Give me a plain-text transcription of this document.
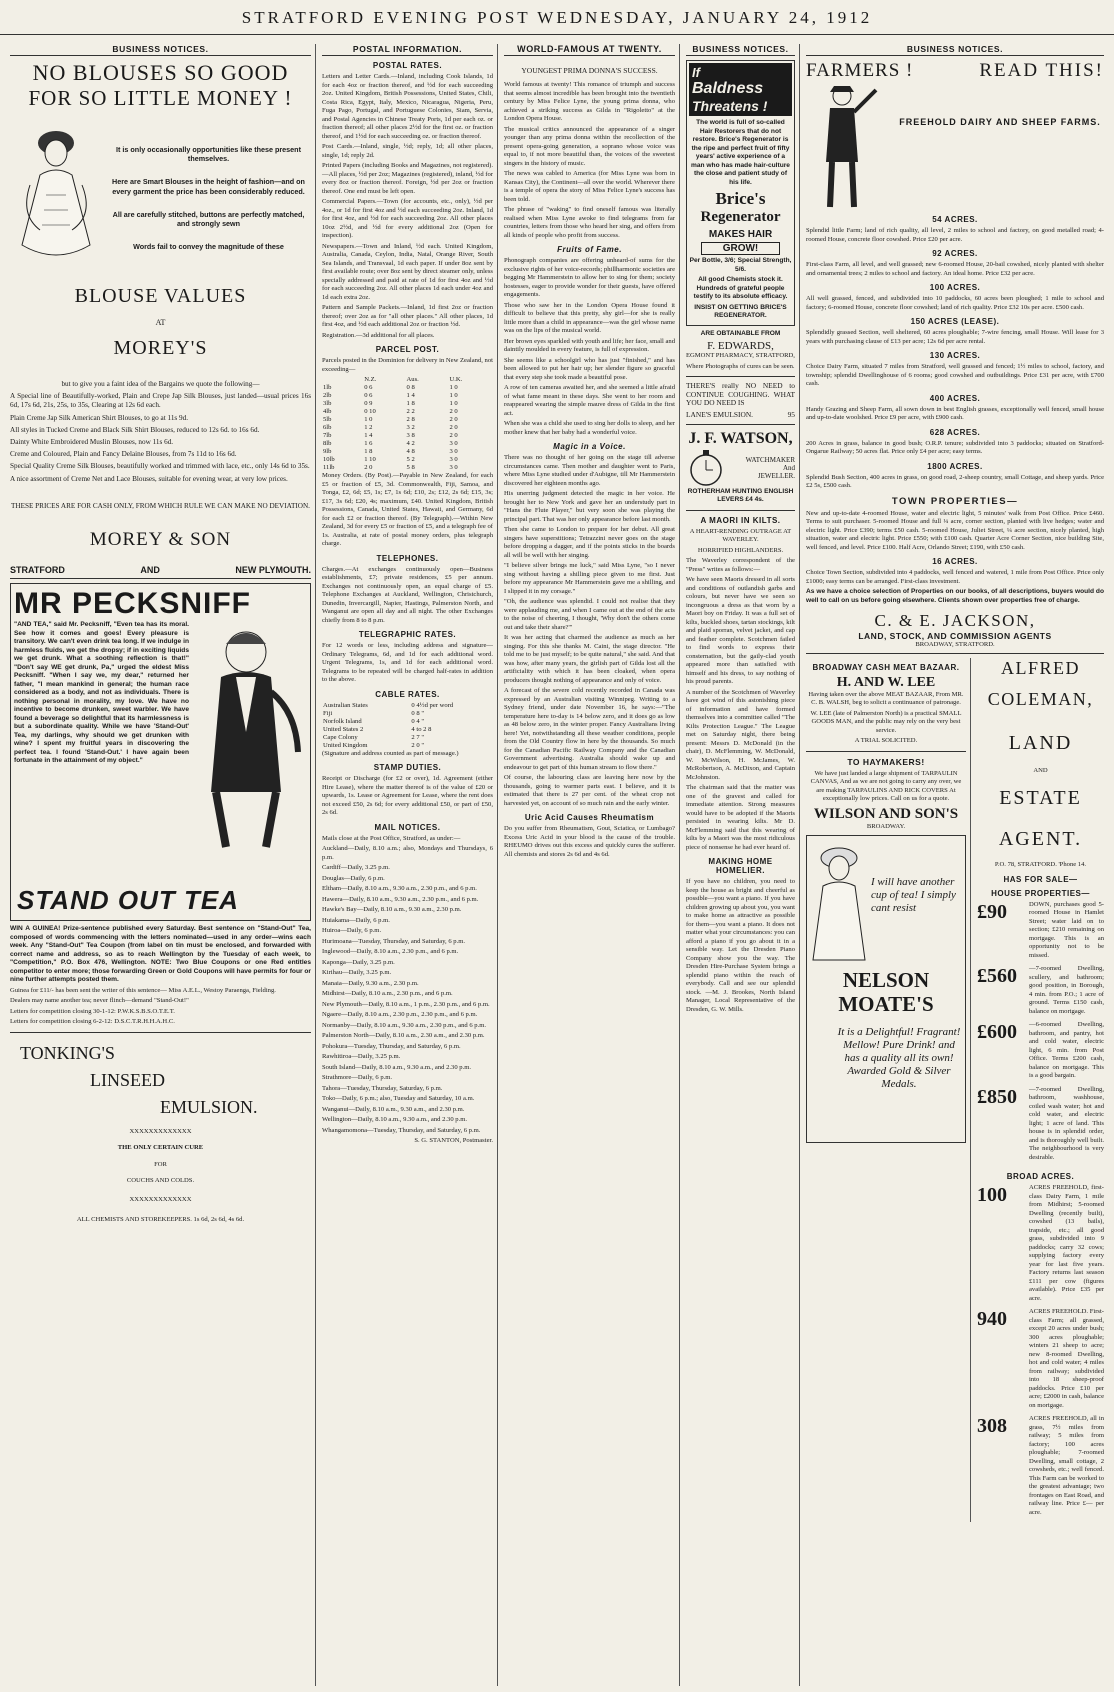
STRATFORD EVENING POST WEDNESDAY, JANUARY 24, 1912
BUSINESS NOTICES.
NO BLOUSES SO GOOD
FOR SO LITTLE MONEY !

It is only occasionally opportunities like these present themselves.

Here are Smart Blouses in the height of fashion—and on every garment the price has been considerably reduced.

All are carefully stitched, buttons are perfectly matched, and strongly sewn

Words fail to convey the magnitude of these

BLOUSE VALUES
AT
MOREY'S

but to give you a faint idea of the Bargains we quote the following—

A Special line of Beautifully-worked, Plain and Crepe Jap Silk Blouses, just landed—usual prices 16s 6d, 17s 6d, 21s, 25s, to 35s, Clearing at 12s 6d each.

Plain Creme Jap Silk American Shirt Blouses, to go at 11s 9d.

All styles in Tucked Creme and Black Silk Shirt Blouses, reduced to 12s 6d. to 16s 6d.

Dainty White Embroidered Muslin Blouses, now 11s 6d.

Creme and Coloured, Plain and Fancy Delaine Blouses, from 7s 11d to 16s 6d.

Special Quality Creme Silk Blouses, beautifully worked and trimmed with lace, etc., only 14s 6d to 35s.

A nice assortment of Creme Net and Lace Blouses, suitable for evening wear, at very low prices.

THESE PRICES ARE FOR CASH ONLY, FROM WHICH RULE WE CAN MAKE NO DEVIATION.

MOREY & SON
STRATFORD	AND	NEW PLYMOUTH.
MR PECKSNIFF

"AND TEA," said Mr. Pecksniff, "Even tea has its moral. See how it comes and goes! Every pleasure is transitory. We can't even drink tea long. If we indulge in harmless fluids, we get the dropsy; if in exciting liquids we get drunk. What a soothing reflection is that!" "Don't say WE get drunk, Pa," urged the eldest Miss Pecksniff. "When I say we, my dear," returned her father, "I mean mankind in general; the human race considered as a body, and not as individuals. There is nothing personal in morality, my love. We have no incentive to become drunken, sweet warbler. We have found a beverage so delightful that its harmlessness is but a subordinate quality. While we have 'Stand-Out' Tea, my darlings, why should we get drunken with wine? I spent my fruitful years in discovering the perfect tea. I found 'Stand-Out.' I have again been fortunate in the attainment of my object."

STAND OUT TEA

WIN A GUINEA! Prize-sentence published every Saturday. Best sentence on "Stand-Out" Tea, composed of words commencing with the letters nominated—used in any order—wins each week. Any "Stand-Out" Tea Coupon (from label on tin must be enclosed, and forwarded with correct name and address, so as to reach Wellington by the Tuesday of each week, to "Competition," P.O. Box 476, Wellington. NOTE: Two Blue Coupons or one Red entitles competitor to enter more; those forwarding Green or Gold Coupons will have permits for four or nine further attempts posted them.

Guinea for £11/- has been sent the writer of this sentence— Miss A.E.L., Westoy Paraenga, Fielding.

Dealers may name another tea; never flinch—demand "Stand-Out!"

Letters for competition closing 30-1-12: P.W.K.S.B.S.O.T.E.T.

Letters for competition closing 6-2-12: D.S.C.T.R.H.H.A.H.C.

TONKING'S
LINSEED
EMULSION.
XXXXXXXXXXXXX
THE ONLY CERTAIN CURE
FOR
COUCHS AND COLDS.
XXXXXXXXXXXXX
ALL CHEMISTS AND STOREKEEPERS. 1s 6d, 2s 6d, 4s 6d.
POSTAL INFORMATION.
POSTAL RATES.

Letters and Letter Cards.—Inland, including Cook Islands, 1d for each 4oz or fraction thereof, and ½d for each succeeding 2oz. United Kingdom, British Possessions, United States, Chili, Costa Rica, Egypt, Italy, Mexico, Nicaragua, Nigeria, Peru, Fuga Pago, Portugal, and Portuguese Colonies, Siam, Servia, and Postal Agencies in Chinese Treaty Ports, 1d per each oz. or fraction thereof; all other places 2½d for the first oz. or fraction thereof, and 1½d for each succeeding oz. or fraction thereof.

Post Cards.—Inland, single, ½d; reply, 1d; all other places, single, 1d; reply 2d.

Printed Papers (including Books and Magazines, not registered).—All places, ½d per 2oz; Magazines (registered), inland, ½d for every 8oz or fraction thereof. Foreign, ½d per 2oz or fraction thereof. One end must be left open.

Commercial Papers.—Town (for accounts, etc., only), ½d per 4oz., or 1d for first 4oz and ½d each succeeding 2oz. Inland, 1d for first 4oz, and ½d for each succeeding 2oz. All other places 10oz 2½d, and ½d for every additional 2oz (Open for inspection).

Newspapers.—Town and Inland, ½d each. United Kingdom, Australia, Canada, Ceylon, India, Natal, Orange River, South Sea Islands, and Transvaal, 1d each paper. If under 8oz sent by first available route; over 8oz sent by direct steamer only, unless specially addressed and paid at rate of 1d for first 4oz and ½d for each succeeding 2oz. All other places 1d each under 4oz and 1d each extra 2oz.

Pattern and Sample Packets.—Inland, 1d first 2oz or fraction thereof; over 2oz as for "all other places." All other places, 1d first 4oz, and ½d each additional 2oz or fraction ½d.

Registration.—3d additional for all places.

PARCEL POST.

Parcels posted in the Dominion for delivery in New Zealand, not exceeding—

	N.Z.	Aus.	U.K.
1lb	0 6	0 8	1 0
2lb	0 6	1 4	1 0
3lb	0 9	1 8	1 0
4lb	0 10	2 2	2 0
5lb	1 0	2 8	2 0
6lb	1 2	3 2	2 0
7lb	1 4	3 8	2 0
8lb	1 6	4 2	3 0
9lb	1 8	4 8	3 0
10lb	1 10	5 2	3 0
11lb	2 0	5 8	3 0

Money Orders. (By Post).—Payable in New Zealand, for each £5 or fraction of £5, 3d. Commonwealth, Fiji, Samoa, and Tonga, £2, 6d; £5, 1s; £7, 1s 6d; £10, 2s; £12, 2s 6d; £15, 3s; £17, 3s 6d; £20, 4s; maximum, £40. United Kingdom, British Possessions, Canada, United States, Hawaii, and Germany, 6d for each £2 or fraction thereof. (By Telegraph).—Within New Zealand, 3d for every £5 or fraction of £5, and a telegraph fee of 1s. Australia, at rate of postal money orders, plus telegraph charge.

TELEPHONES.

Charges.—At exchanges continuously open—Business establishments, £7; private residences, £5 per annum. Exchanges not continuously open, an equal charge of £5. Telephone Exchanges at Auckland, Wellington, Christchurch, Dunedin, Invercargill, Napier, Hastings, Palmerston North, and Wanganui are open all day and all night. The other Exchanges chiefly from 8 to 8 p.m.

TELEGRAPHIC RATES.

For 12 words or less, including address and signature— Ordinary Telegrams, 6d, and 1d for each additional word. Urgent Telegrams, 1s, and 1d for each additional word. Telegrams to be repeated will be charged half-rates in addition to the above.

CABLE RATES.
Australian States	0 4½d per word
Fiji	0 8 "
Norfolk Island	0 4 "
United States 2	4 to 2 8
Cape Colony	2 7 "
United Kingdom	2 0 "

(Signature and address counted as part of message.)

STAMP DUTIES.

Receipt or Discharge (for £2 or over), 1d. Agreement (either Hire Lease), where the matter thereof is of the value of £20 or upwards, 1s. Lease or Agreement for Lease, where the rent does not exceed £50, 2s 6d; for every additional £50, or part of £50, 2s 6d.

MAIL NOTICES.

Mails close at the Post Office, Stratford, as under:—

Auckland—Daily, 8.10 a.m.; also, Mondays and Thursdays, 6 p.m.

Cardiff—Daily, 3.25 p.m.

Douglas—Daily, 6 p.m.

Eltham—Daily, 8.10 a.m., 9.30 a.m., 2.30 p.m., and 6 p.m.

Hawera—Daily, 8.10 a.m., 9.30 a.m., 2.30 p.m., and 6 p.m.

Hawke's Bay—Daily, 8.10 a.m., 9.30 a.m., 2.30 p.m.

Huiakama—Daily, 6 p.m.

Huiroa—Daily, 6 p.m.

Hurimoana—Tuesday, Thursday, and Saturday, 6 p.m.

Inglewood—Daily, 8.10 a.m., 2.30 p.m., and 6 p.m.

Kaponga—Daily, 3.25 p.m.

Kirihau—Daily, 3.25 p.m.

Manaia—Daily, 9.30 a.m., 2.30 p.m.

Midhirst—Daily, 8.10 a.m., 2.30 p.m., and 6 p.m.

New Plymouth—Daily, 8.10 a.m., 1 p.m., 2.30 p.m., and 6 p.m.

Ngaere—Daily, 8.10 a.m., 2.30 p.m., 2.30 p.m., and 6 p.m.

Normanby—Daily, 8.10 a.m., 9.30 a.m., 2.30 p.m., and 6 p.m.

Palmerston North—Daily, 8.10 a.m., 2.30 a.m., and 2.30 p.m.

Pohokura—Tuesday, Thursday, and Saturday, 6 p.m.

Rawhitiroa—Daily, 3.25 p.m.

South Island—Daily, 8.10 a.m., 9.30 a.m., and 2.30 p.m.

Strathmore—Daily, 6 p.m.

Tahora—Tuesday, Thursday, Saturday, 6 p.m.

Toko—Daily, 6 p.m.; also, Tuesday and Saturday, 10 a.m.

Wanganui—Daily, 8.10 a.m., 9.30 a.m., and 2.30 p.m.

Wellington—Daily, 8.10 a.m., 9.30 a.m., and 2.30 p.m.

Whangamomona—Tuesday, Thursday, and Saturday, 6 p.m.

S. G. STANTON, Postmaster.

WORLD-FAMOUS AT TWENTY.
YOUNGEST PRIMA DONNA'S SUCCESS.

World famous at twenty! This romance of triumph and success that seems almost incredible has been brought into the twentieth century by Miss Felice Lyne, the young prima donna, who achieved a striking success as Gilda in "Rigoletto" at the London Opera House.

The musical critics announced the appearance of a singer younger than any prima donna within the recollection of the present opera-going generation, a soprano whose voice was equal to, if not more beautiful than, the voices of the sweetest singers in the history of music.

The news was cabled to America (for Miss Lyne was born in Kansas City), the Continent—all over the world. Wherever there is a temple of opera the story of Miss Felice Lyne's success has been told.

The phrase of "waking" to find oneself famous was literally realised when Miss Lyne awoke to find telegrams from far countries, letters from those who heard her sing, and offers from all kinds of people who profit from success.

Fruits of Fame.

Phonograph companies are offering unheard-of sums for the exclusive rights of her voice-records; phillharmonic societies are begging Mr Hammerstein to allow her to sing for them; society hostesses, eager to provide wonder for their guests, have offered engagements.

Those who saw her in the London Opera House found it difficult to believe that this pretty, shy girl—for she is really little more than a child in appearance—was the girl whose name was on the lips of the musical world.

Her brown eyes sparkled with youth and life; her face, small and daintily moulded in every feature, is full of expression.

She seems like a schoolgirl who has just "finished," and has been allowed to put her hair up; her slender figure so graceful that every step she took made a beautiful pose.

A row of ten cameras awaited her, and she seemed a little afraid of what fame meant in these days. She went to her room and reappeared wearing the simple mauve dress of Gilda in the first act.

When she was a child she used to sing her dolls to sleep, and her mother knew that her baby had a wonderful voice.

Magic in a Voice.

There was no thought of her going on the stage till adverse circumstances came. Then mother and daughter went to Paris, where Miss Lyne studied under d'Aubigne, till Mr Hammerstein discovered her eighteen months ago.

His unerring judgment detected the magic in her voice. He brought her to New York and gave her an understudy part in "Hans the Flute Player," but very soon she was playing the principal part. That was her only appearance before last month.

Then she came to London to prepare for her debut. All great singers have superstitions; Tetrazzini never goes on the stage before dropping a dagger, and if the points sticks in the boards all will be well with her singing.

"I believe silver brings me luck," said Miss Lyne, "so I never sing without having a shilling piece given to me first. Just before my appearance Mr Hammerstein gave me a shilling, and I slipped it in my corsage."

"Oh, the audience was splendid. I could not realise that they were applauding me, and when I came out at the end of the acts to the noise of cheering, I thought, 'Why don't the others come out and take their share?'"

It was her acting that charmed the audience as much as her singing. For this she thanks M. Caini, the stage director. "He told me to be just myself; to be quite natural," she said. And that was how, after many years, the girlish part of Gilda lost all the artificiality with which it has been cloaked, when opera producers thought nothing of appearance and only of voice.

A forecast of the severe cold recently recorded in Canada was expressed by an Australian visiting Winnipeg. Writing to a Sydney friend, under date November 16, he says:—"The temperature here to-day is 14 below zero, and it does go as low as 48 below zero, in the winter proper. Fancy Australians living here! Yet, notwithstanding all these weather conditions, people from the Old Country flow in here by the thousands. So much for the Canadian Pacific Railway Company and the Canadian Government advertising. Australia should wake up and endeavour to get part of this human stream to flow there."

Of course, the labouring class are leaving here now by the thousands, going to warmer parts east. I believe, and it is estimated that there is 27 per cent. of the wheat crop not harvested yet, on account of so much rain and the early winter.

Uric Acid Causes Rheumatism

Do you suffer from Rheumatism, Gout, Sciatica, or Lumbago? Excess Uric Acid in your blood is the cause of the trouble. RHEUMO drives out this excess and quickly cures the sufferer. All chemists and stores 2s 6d and 4s 6d.

BUSINESS NOTICES.
If
Baldness
Threatens !

The world is full of so-called Hair Restorers that do not restore. Brice's Regenerator is the ripe and perfect fruit of fifty years' active experience of a man who has made hair-culture the close and patient study of his life.

Brice's
Regenerator
MAKES HAIR
GROW!

Per Bottle, 3/6; Special Strength, 5/6.

All good Chemists stock it. Hundreds of grateful people testify to its absolute efficacy.

INSIST ON GETTING BRICE'S REGENERATOR.

ARE OBTAINABLE FROM

F. EDWARDS,

EGMONT PHARMACY, STRATFORD,

Where Photographs of cures can be seen.

THERE'S really NO NEED to CONTINUE COUGHING. WHAT YOU DO NEED IS

LANE'S EMULSION.	95
J. F. WATSON,
WATCHMAKER
And
JEWELLER.

ROTHERHAM HUNTING ENGLISH LEVERS £4 4s.

A MAORI IN KILTS.

A HEART-RENDING OUTRAGE AT WAVERLEY.

HORRIFIED HIGHLANDERS.

The Waverley correspondent of the "Press" writes as follows:—

We have seen Maoris dressed in all sorts and conditions of outlandish garbs and colours, but never have we seen so incongruous a dress as that worn by a Maori boy on Friday. It was a full set of kilts, buckled shoes, tartan stockings, kilt and plaid sporran, velvet jacket, and cap and feather complete. Scotchmen failed to find words to express their consternation, but the gaily-clad youth appeared more than satisfied with himself and his dress, to say nothing of his proud parents.

A number of the Scotchmen of Waverley have got wind of this astonishing piece of information and have formed themselves into a committee called "The Kilts Protection League." The League met on Saturday night, there being present: Messrs D. McDonald (in the chair), D. McFlemming, W. McDonald, W. McWilson, H. McJames, W. McRobertson, A. McDixon, and Captain McJohnston.

The chairman said that the matter was one of the gravest and called for immediate attention. Strong measures would have to be adopted if the Maoris persisted in wearing kilts. Mr D. McFlemming said that this wearing of kilts by a Maori was the most ridiculous piece of nonsense he had ever heard of.

MAKING HOME HOMELIER.

If you have no children, you need to keep the house as bright and cheerful as possible—you want a piano. If you have children growing up about you, you want to make home as attractive as possible for them—you want a piano. It does not matter what your circumstances: you can afford a piano if you go about it in a sensible way. Let the Dresden Piano Company show you the way. The Dresden Hire-Purchase System brings a splendid piano within the reach of everybody. Call and see our splendid stock. —M. J. Brookes, North Island Manager, Local Representative of the Dresden, G. W. Mills.

BUSINESS NOTICES.
FARMERS !	READ THIS!
FREEHOLD DAIRY AND SHEEP FARMS.
54 ACRES.

Splendid little Farm; land of rich quality, all level, 2 miles to school and factory, on good metalled road; 4-roomed House, concrete floor cowshed. Price £20 per acre.

92 ACRES.

First-class Farm, all level, and well grassed; new 6-roomed House, 20-bail cowshed, nicely planted with shelter and ornamental trees; 2 miles to school and factory. An ideal home. Price £32 per acre.

100 ACRES.

All well grassed, fenced, and subdivided into 10 paddocks, 60 acres been ploughed; 1 mile to school and factory; 6-roomed House, concrete floor cowshed; land of rich quality. Price £32 10s per acre. £500 cash.

150 ACRES (LEASE).

Splendidly grassed Section, well sheltered, 60 acres ploughable; 7-wire fencing, small House. Will lease for 3 years with purchasing clause of £13 per acre; 12s 6d per acre rental.

130 ACRES.

Choice Dairy Farm, situated 7 miles from Stratford, well grassed and fenced; 1½ miles to school, factory, and township; splendid Dwellinghouse of 6 rooms; good cowshed and outbuildings. Price £31 per acre, with £700 cash.

400 ACRES.

Handy Grazing and Sheep Farm, all sown down in best English grasses, exceptionally well fenced, small house and up-to-date woolshed. Price £9 per acre, with £900 cash.

628 ACRES.

200 Acres in grass, balance in good bush; O.R.P. tenure; subdivided into 3 paddocks; situated on Stratford-Ongarue Railway; 50 acres flat. Price only £4 per acre; easy terms.

1800 ACRES.

Splendid Bush Section, 400 acres in grass, on good road, 2-sheep country, small Cottage, and sheep yards. Price £2 5s, £500 cash.

TOWN PROPERTIES—

New and up-to-date 4-roomed House, water and electric light, 5 minutes' walk from Post Office. Price £460. Terms to suit purchaser. 5-roomed House and full ¼ acre, corner section, planted with live hedges; water and electric light. Price £390; terms £50 cash. 5-roomed House, Juliet Street, ¼ acre section, nicely planted, high situation, water and electric light. Price £550; with £100 cash. Quarter Acre Corner Section, nice building Site, well fenced, and level. Price £100. Half Acre, Orlando Street; £190, with £50 cash.

16 ACRES.

Choice Town Section, subdivided into 4 paddocks, well fenced and watered, 1 mile from Post Office. Price only £1000; easy terms can be arranged. First-class investment.

As we have a choice selection of Properties on our books, of all descriptions, buyers would do well to call on us before going elsewhere. Clients shown over properties free of charge.

C. & E. JACKSON,
LAND, STOCK, AND COMMISSION AGENTS
BROADWAY, STRATFORD.
BROADWAY CASH MEAT BAZAAR.
H. AND W. LEE

Having taken over the above MEAT BAZAAR, From MR. C. B. WALSH, beg to solicit a continuance of patronage.

W. LEE (late of Palmerston North) is a practical SMALL GOODS MAN, and the public may rely on the very best service.

A TRIAL SOLICITED.

TO HAYMAKERS!

We have just landed a large shipment of TARPAULIN CANVAS, And as we are not going to carry any over, we are making TARPAULINS AND RICK COVERS At exceptionally low prices. Call on us for a quote.

WILSON AND SON'S

BROADWAY.

I will have another cup of tea! I simply cant resist
NELSON MOATE'S
It is a Delightful! Fragrant! Mellow! Pure Drink! and has a quality all its own! Awarded Gold & Silver Medals.
ALFRED
COLEMAN,
LAND
AND
ESTATE
AGENT.

P.O. 78, STRATFORD. 'Phone 14.

HAS FOR SALE—
HOUSE PROPERTIES—
£90	DOWN, purchases good 5-roomed House in Hamlet Street; water laid on to section; £210 remaining on mortgage. This is an opportunity not to be missed.

£560	—7-roomed Dwelling, scullery, and bathroom; good position, in Borough, 4 min. from P.O.; 1 acre of ground. Terms £150 cash, balance on mortgage.

£600	—6-roomed Dwelling, bathroom, and pantry, hot and cold water, electric light, 6 min. from Post Office. Terms £200 cash, balance on mortgage. This is a good bargain.

£850	—7-roomed Dwelling, bathroom, washhouse, coiled wash water; hot and cold water, and electric light; 1 acre of land. This house is in splendid order, and is thoroughly well built. The neighbourhood is very desirable.

BROAD ACRES.
100	ACRES FREEHOLD, first-class Dairy Farm, 1 mile from Midhirst; 5-roomed Dwelling (recently built), cowshed (13 bails), trapside, etc.; all good grass, subdivided into 9 paddocks; carry 32 cows; supplying factory every year for last five years. Factory returns last season £111 per cow (figures available). Price £35 per acre.

940	ACRES FREEHOLD. First-class Farm; all grassed, except 20 acres under bush; 300 acres ploughable; winters 21 sheep to acre; new 8-roomed Dwelling, hot and cold water; 4 miles from railway; subdivided into 18 sheep-proof paddocks. Price £10 per acre; £2000 in cash, balance on mortgage.

308	ACRES FREEHOLD, all in grass, 7½ miles from railway; 5 miles from factory; 100 acres ploughable; 7-roomed Dwelling, small cottage, 2 cowsheds, etc.; well fenced. This Farm can be worked to the greatest advantage; two frontages on East Road, and railway line. Price £— per acre.
